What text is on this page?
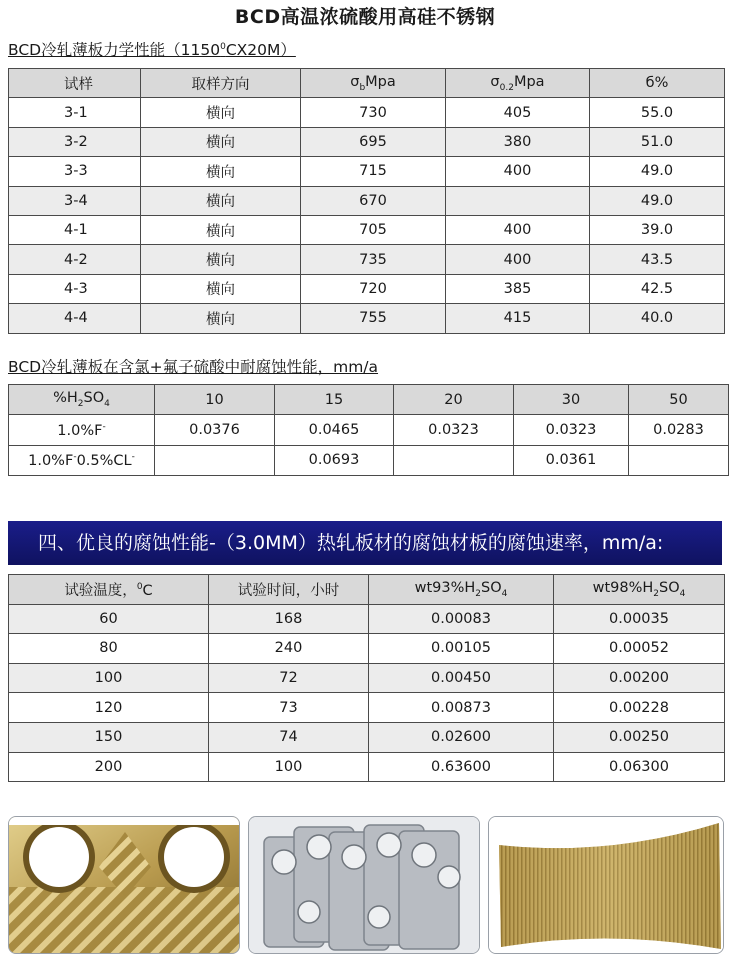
BCD高温浓硫酸用高硅不锈钢
BCD冷轧薄板力学性能（1150$^0$CX20M）
试样	取样方向	$\sigma_bMpa$	$\sigma_{0.2}Mpa$	б%
3-1	横向	730	405	55.0
3-2	横向	695	380	51.0
3-3	横向	715	400	49.0
3-4	横向	670		49.0
4-1	横向	705	400	39.0
4-2	横向	735	400	43.5
4-3	横向	720	385	42.5
4-4	横向	755	415	40.0
BCD冷轧薄板在含氯+氟子硫酸中耐腐蚀性能，mm/a
$\%H_2SO_4$	10	15	20	30	50
1.0%F-	0.0376	0.0465	0.0323	0.0323	0.0283
1.0%F-0.5%CL-		0.0693		0.0361	
四、优良的腐蚀性能-（3.0MM）热轧板材的腐蚀材板的腐蚀速率，mm/a:
试验温度，$^0$C	试验时间，小时	$wt93\%H_2SO_4$	$wt98\%H_2SO_4$
60	168	0.00083	0.00035
80	240	0.00105	0.00052
100	72	0.00450	0.00200
120	73	0.00873	0.00228
150	74	0.02600	0.00250
200	100	0.63600	0.06300
